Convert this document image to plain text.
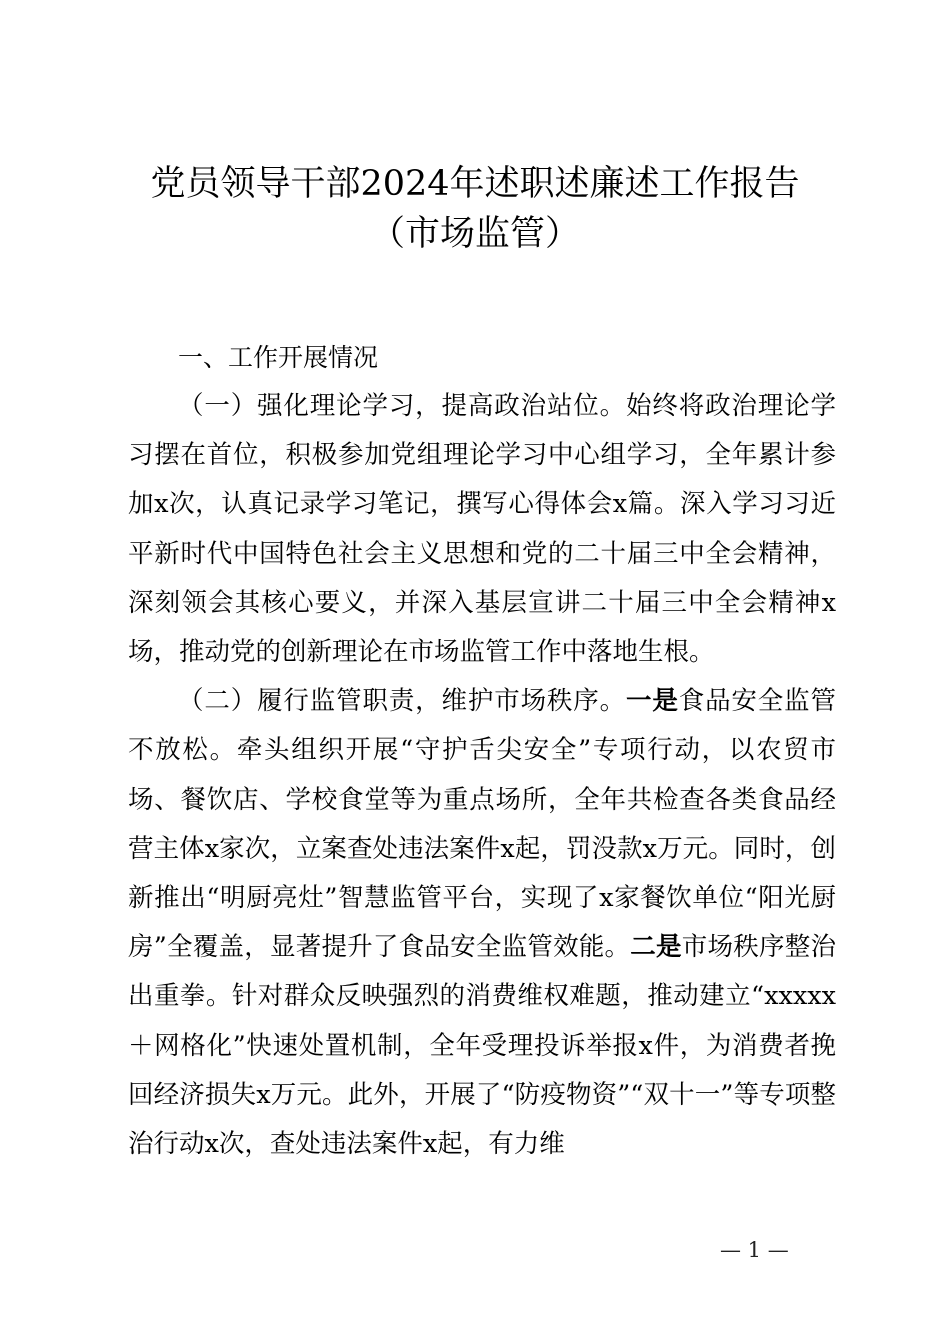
党员领导干部2024年述职述廉述工作报告
（市场监管）
一、工作开展情况

（一）强化理论学习，提高政治站位。始终将政治理论学习摆在首位，积极参加党组理论学习中心组学习，全年累计参加x次，认真记录学习笔记，撰写心得体会x篇。深入学习习近平新时代中国特色社会主义思想和党的二十届三中全会精神，深刻领会其核心要义，并深入基层宣讲二十届三中全会精神x场，推动党的创新理论在市场监管工作中落地生根。

（二）履行监管职责，维护市场秩序。一是食品安全监管不放松。牵头组织开展“守护舌尖安全”专项行动，以农贸市场、餐饮店、学校食堂等为重点场所，全年共检查各类食品经营主体x家次，立案查处违法案件x起，罚没款x万元。同时，创新推出“明厨亮灶”智慧监管平台，实现了x家餐饮单位“阳光厨房”全覆盖，显著提升了食品安全监管效能。二是市场秩序整治出重拳。针对群众反映强烈的消费维权难题，推动建立“xxxxx＋网格化”快速处置机制，全年受理投诉举报x件，为消费者挽回经济损失x万元。此外，开展了“防疫物资”“双十一”等专项整治行动x次，查处违法案件x起，有力维

— 1 —
